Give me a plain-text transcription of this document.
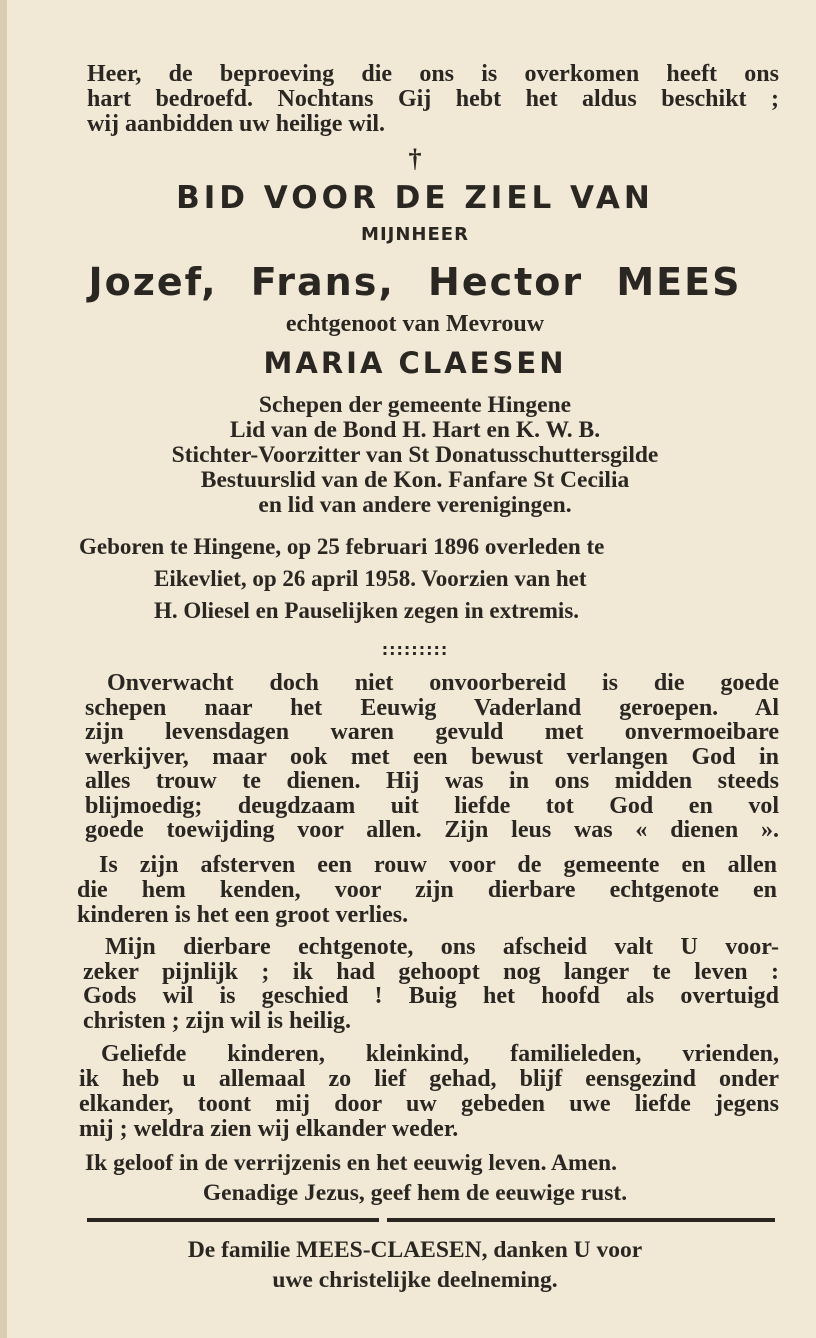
Heer, de beproeving die ons is overkomen heeft ons
hart bedroefd. Nochtans Gij hebt het aldus beschikt ;
wij aanbidden uw heilige wil.
†
BID VOOR DE ZIEL VAN
MIJNHEER
Jozef, Frans, Hector MEES
echtgenoot van Mevrouw
MARIA CLAESEN
Schepen der gemeente Hingene
Lid van de Bond H. Hart en K. W. B.
Stichter-Voorzitter van St Donatusschuttersgilde
Bestuurslid van de Kon. Fanfare St Cecilia
en lid van andere verenigingen.
Geboren te Hingene, op 25 februari 1896 overleden te
Eikevliet, op 26 april 1958. Voorzien van het
H. Oliesel en Pauselijken zegen in extremis.
:::::::::
Onverwacht doch niet onvoorbereid is die goede
schepen naar het Eeuwig Vaderland geroepen. Al
zijn levensdagen waren gevuld met onvermoeibare
werkijver, maar ook met een bewust verlangen God in
alles trouw te dienen. Hij was in ons midden steeds
blijmoedig; deugdzaam uit liefde tot God en vol
goede toewijding voor allen. Zijn leus was « dienen ».
Is zijn afsterven een rouw voor de gemeente en allen
die hem kenden, voor zijn dierbare echtgenote en
kinderen is het een groot verlies.
Mijn dierbare echtgenote, ons afscheid valt U voor-
zeker pijnlijk ; ik had gehoopt nog langer te leven :
Gods wil is geschied ! Buig het hoofd als overtuigd
christen ; zijn wil is heilig.
Geliefde kinderen, kleinkind, familieleden, vrienden,
ik heb u allemaal zo lief gehad, blijf eensgezind onder
elkander, toont mij door uw gebeden uwe liefde jegens
mij ; weldra zien wij elkander weder.
Ik geloof in de verrijzenis en het eeuwig leven. Amen.
Genadige Jezus, geef hem de eeuwige rust.
De familie MEES-CLAESEN, danken U voor
uwe christelijke deelneming.
